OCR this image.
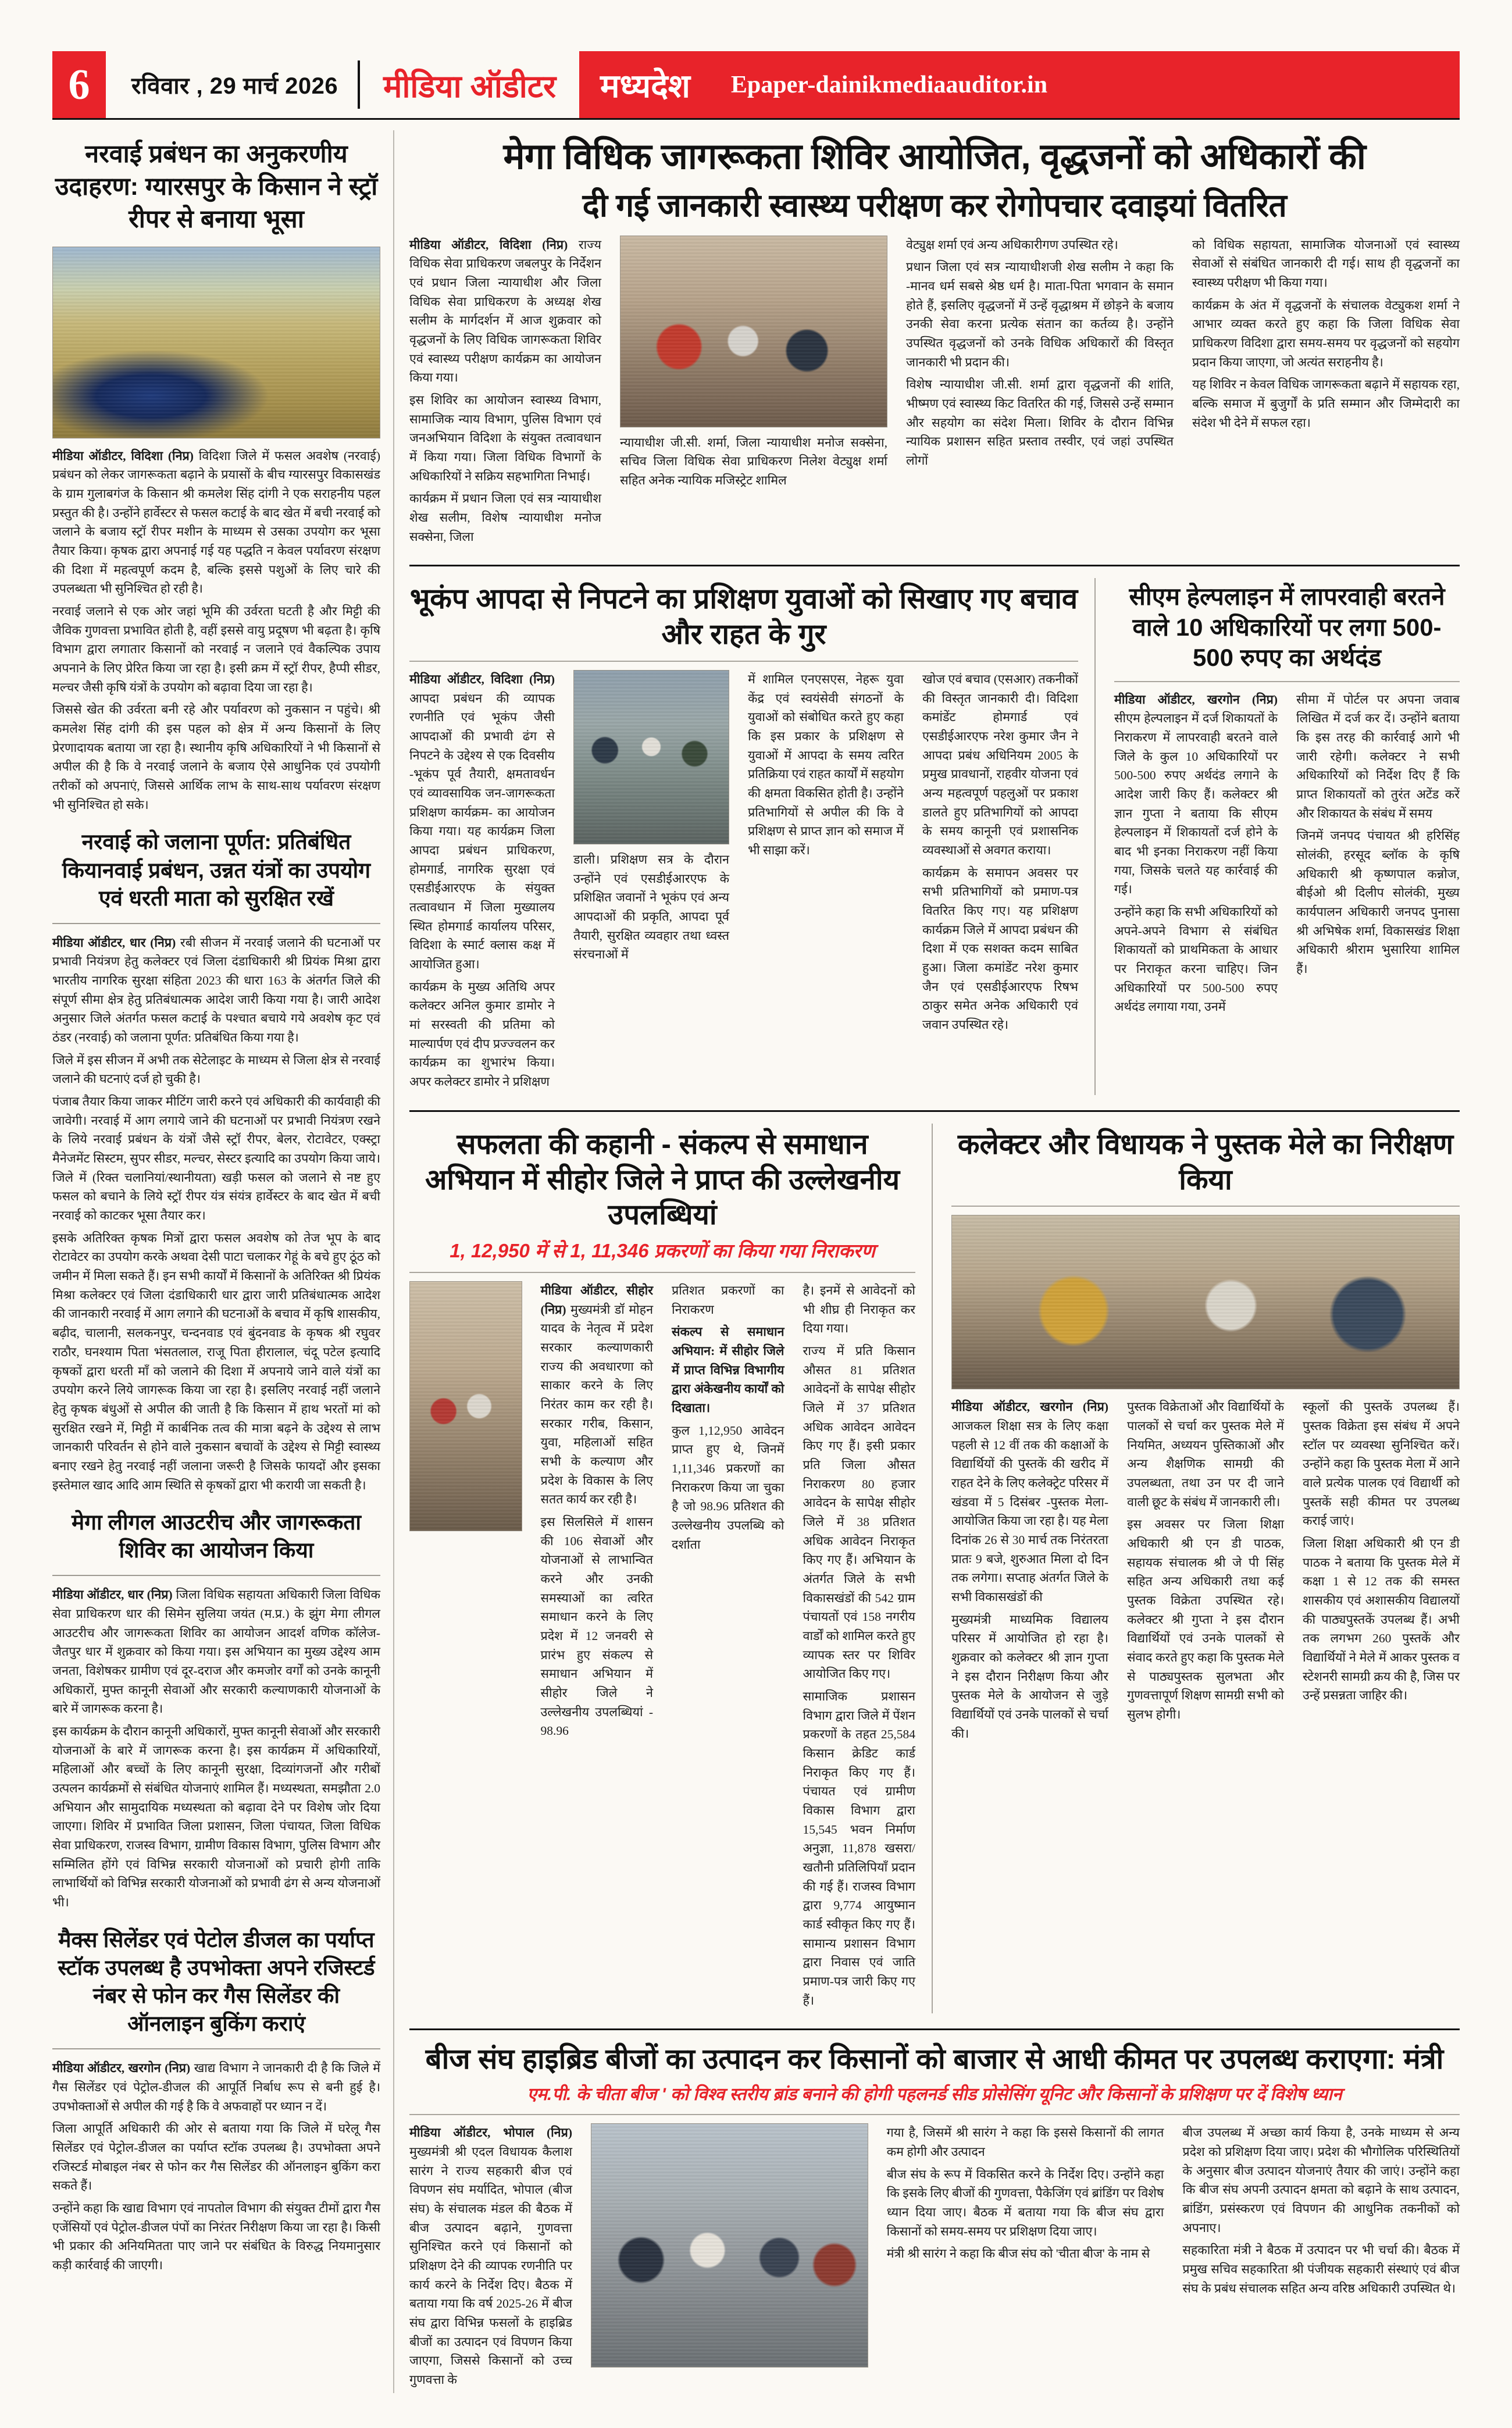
6	रविवार , 29 मार्च 2026	मीडिया ऑडीटर	मध्यदेश Epaper-dainikmediaauditor.in
नरवाई प्रबंधन का अनुकरणीय उदाहरण: ग्यारसपुर के किसान ने स्ट्रॉ रीपर से बनाया भूसा

मीडिया ऑडीटर, विदिशा (निप्र) विदिशा जिले में फसल अवशेष (नरवाई) प्रबंधन को लेकर जागरूकता बढ़ाने के प्रयासों के बीच ग्यारसपुर विकासखंड के ग्राम गुलाबगंज के किसान श्री कमलेश सिंह दांगी ने एक सराहनीय पहल प्रस्तुत की है। उन्होंने हार्वेस्टर से फसल कटाई के बाद खेत में बची नरवाई को जलाने के बजाय स्ट्रॉ रीपर मशीन के माध्यम से उसका उपयोग कर भूसा तैयार किया। कृषक द्वारा अपनाई गई यह पद्धति न केवल पर्यावरण संरक्षण की दिशा में महत्वपूर्ण कदम है, बल्कि इससे पशुओं के लिए चारे की उपलब्धता भी सुनिश्चित हो रही है।

नरवाई जलाने से एक ओर जहां भूमि की उर्वरता घटती है और मिट्टी की जैविक गुणवत्ता प्रभावित होती है, वहीं इससे वायु प्रदूषण भी बढ़ता है। कृषि विभाग द्वारा लगातार किसानों को नरवाई न जलाने एवं वैकल्पिक उपाय अपनाने के लिए प्रेरित किया जा रहा है। इसी क्रम में स्ट्रॉ रीपर, हैप्पी सीडर, मल्चर जैसी कृषि यंत्रों के उपयोग को बढ़ावा दिया जा रहा है।

जिससे खेत की उर्वरता बनी रहे और पर्यावरण को नुकसान न पहुंचे। श्री कमलेश सिंह दांगी की इस पहल को क्षेत्र में अन्य किसानों के लिए प्रेरणादायक बताया जा रहा है। स्थानीय कृषि अधिकारियों ने भी किसानों से अपील की है कि वे नरवाई जलाने के बजाय ऐसे आधुनिक एवं उपयोगी तरीकों को अपनाएं, जिससे आर्थिक लाभ के साथ-साथ पर्यावरण संरक्षण भी सुनिश्चित हो सके।

नरवाई को जलाना पूर्णत: प्रतिबंधित कियानवाई प्रबंधन, उन्नत यंत्रों का उपयोग एवं धरती माता को सुरक्षित रखें

मीडिया ऑडीटर, धार (निप्र) रबी सीजन में नरवाई जलाने की घटनाओं पर प्रभावी नियंत्रण हेतु कलेक्टर एवं जिला दंडाधिकारी श्री प्रियंक मिश्रा द्वारा भारतीय नागरिक सुरक्षा संहिता 2023 की धारा 163 के अंतर्गत जिले की संपूर्ण सीमा क्षेत्र हेतु प्रतिबंधात्मक आदेश जारी किया गया है। जारी आदेश अनुसार जिले अंतर्गत फसल कटाई के पश्चात बचाये गये अवशेष कृट एवं ठंडर (नरवाई) को जलाना पूर्णत: प्रतिबंधित किया गया है।

जिले में इस सीजन में अभी तक सेटेलाइट के माध्यम से जिला क्षेत्र से नरवाई जलाने की घटनाएं दर्ज हो चुकी है।

पंजाब तैयार किया जाकर मीटिंग जारी करने एवं अधिकारी की कार्यवाही की जावेगी। नरवाई में आग लगाये जाने की घटनाओं पर प्रभावी नियंत्रण रखने के लिये नरवाई प्रबंधन के यंत्रों जैसे स्ट्रॉ रीपर, बेलर, रोटावेटर, एक्स्ट्रा मैनेजमेंट सिस्टम, सुपर सीडर, मल्चर, सेस्टर इत्यादि का उपयोग किया जाये। जिले में (रिक्त चलानियां/स्थानीयता) खड़ी फसल को जलाने से नष्ट हुए फसल को बचाने के लिये स्ट्रॉ रीपर यंत्र संयंत्र हार्वेस्टर के बाद खेत में बची नरवाई को काटकर भूसा तैयार कर।

इसके अतिरिक्त कृषक मित्रों द्वारा फसल अवशेष को तेज भूप के बाद रोटावेटर का उपयोग करके अथवा देसी पाटा चलाकर गेहूं के बचे हुए ठूंठ को जमीन में मिला सकते हैं। इन सभी कार्यों में किसानों के अतिरिक्त श्री प्रियंक मिश्रा कलेक्टर एवं जिला दंडाधिकारी धार द्वारा जारी प्रतिबंधात्मक आदेश की जानकारी नरवाई में आग लगाने की घटनाओं के बचाव में कृषि शासकीय, बढ़ीद, चालानी, सलकनपुर, चन्दनवाड एवं बुंदनवाड के कृषक श्री रघुवर राठौर, घनश्याम पिता भंसतलाल, राजू पिता हीरालाल, चंदू पटेल इत्यादि कृषकों द्वारा धरती माँ को जलाने की दिशा में अपनाये जाने वाले यंत्रों का उपयोग करने लिये जागरूक किया जा रहा है। इसलिए नरवाई नहीं जलाने हेतु कृषक बंधुओं से अपील की जाती है कि किसान में हाथ भरतों मां को सुरक्षित रखने में, मिट्टी में कार्बनिक तत्व की मात्रा बढ़ने के उद्देश्य से लाभ जानकारी परिवर्तन से होने वाले नुकसान बचावों के उद्देश्य से मिट्टी स्वास्थ्य बनाए रखने हेतु नरवाई नहीं जलाना जरूरी है जिसके फायदों और इसका इस्तेमाल खाद आदि आम स्थिति से कृषकों द्वारा भी करायी जा सकती है।

मेगा लीगल आउटरीच और जागरूकता शिविर का आयोजन किया

मीडिया ऑडीटर, धार (निप्र) जिला विधिक सहायता अधिकारी जिला विधिक सेवा प्राधिकरण धार की सिमेन सुलिया जयंत (म.प्र.) के झुंग मेगा लीगल आउटरीच और जागरूकता शिविर का आयोजन आदर्श वणिक कॉलेज-जैतपुर धार में शुक्रवार को किया गया। इस अभियान का मुख्य उद्देश्य आम जनता, विशेषकर ग्रामीण एवं दूर-दराज और कमजोर वर्गों को उनके कानूनी अधिकारों, मुफ्त कानूनी सेवाओं और सरकारी कल्याणकारी योजनाओं के बारे में जागरूक करना है।

इस कार्यक्रम के दौरान कानूनी अधिकारों, मुफ्त कानूनी सेवाओं और सरकारी योजनाओं के बारे में जागरूक करना है। इस कार्यक्रम में अधिकारियों, महिलाओं और बच्चों के लिए कानूनी सुरक्षा, दिव्यांगजनों और गरीबों उत्पलन कार्यक्रमों से संबंधित योजनाएं शामिल हैं। मध्यस्थता, समझौता 2.0 अभियान और सामुदायिक मध्यस्थता को बढ़ावा देने पर विशेष जोर दिया जाएगा। शिविर में प्रभावित जिला प्रशासन, जिला पंचायत, जिला विधिक सेवा प्राधिकरण, राजस्व विभाग, ग्रामीण विकास विभाग, पुलिस विभाग और सम्मिलित होंगे एवं विभिन्न सरकारी योजनाओं को प्रचारी होगी ताकि लाभार्थियों को विभिन्न सरकारी योजनाओं को प्रभावी ढंग से अन्य योजनाओं भी।

मैक्स सिलेंडर एवं पेटोल डीजल का पर्याप्त स्टॉक उपलब्ध है उपभोक्ता अपने रजिस्टर्ड नंबर से फोन कर गैस सिलेंडर की ऑनलाइन बुकिंग कराएं

मीडिया ऑडीटर, खरगोन (निप्र) खाद्य विभाग ने जानकारी दी है कि जिले में गैस सिलेंडर एवं पेट्रोल-डीजल की आपूर्ति निर्बाध रूप से बनी हुई है। उपभोक्ताओं से अपील की गई है कि वे अफवाहों पर ध्यान न दें।

जिला आपूर्ति अधिकारी की ओर से बताया गया कि जिले में घरेलू गैस सिलेंडर एवं पेट्रोल-डीजल का पर्याप्त स्टॉक उपलब्ध है। उपभोक्ता अपने रजिस्टर्ड मोबाइल नंबर से फोन कर गैस सिलेंडर की ऑनलाइन बुकिंग करा सकते हैं।

उन्होंने कहा कि खाद्य विभाग एवं नापतोल विभाग की संयुक्त टीमों द्वारा गैस एजेंसियों एवं पेट्रोल-डीजल पंपों का निरंतर निरीक्षण किया जा रहा है। किसी भी प्रकार की अनियमितता पाए जाने पर संबंधित के विरुद्ध नियमानुसार कड़ी कार्रवाई की जाएगी।

मेगा विधिक जागरूकता शिविर आयोजित, वृद्धजनों को अधिकारों की
दी गई जानकारी स्वास्थ्य परीक्षण कर रोगोपचार दवाइयां वितरित

मीडिया ऑडीटर, विदिशा (निप्र) राज्य विधिक सेवा प्राधिकरण जबलपुर के निर्देशन एवं प्रधान जिला न्यायाधीश और जिला विधिक सेवा प्राधिकरण के अध्यक्ष शेख सलीम के मार्गदर्शन में आज शुक्रवार को वृद्धजनों के लिए विधिक जागरूकता शिविर एवं स्वास्थ्य परीक्षण कार्यक्रम का आयोजन किया गया।

इस शिविर का आयोजन स्वास्थ्य विभाग, सामाजिक न्याय विभाग, पुलिस विभाग एवं जनअभियान विदिशा के संयुक्त तत्वावधान में किया गया। जिला विधिक विभागों के अधिकारियों ने सक्रिय सहभागिता निभाई।

कार्यक्रम में प्रधान जिला एवं सत्र न्यायाधीश शेख सलीम, विशेष न्यायाधीश मनोज सक्सेना, जिला

न्यायाधीश जी.सी. शर्मा, जिला न्यायाधीश मनोज सक्सेना, सचिव जिला विधिक सेवा प्राधिकरण निलेश वेट्युक्ष शर्मा सहित अनेक न्यायिक मजिस्ट्रेट शामिल

वेट्युक्ष शर्मा एवं अन्य अधिकारीगण उपस्थित रहे।

प्रधान जिला एवं सत्र न्यायाधीशजी शेख सलीम ने कहा कि -मानव धर्म सबसे श्रेष्ठ धर्म है। माता-पिता भगवान के समान होते हैं, इसलिए वृद्धजनों में उन्हें वृद्धाश्रम में छोड़ने के बजाय उनकी सेवा करना प्रत्येक संतान का कर्तव्य है। उन्होंने उपस्थित वृद्धजनों को उनके विधिक अधिकारों की विस्तृत जानकारी भी प्रदान की।

विशेष न्यायाधीश जी.सी. शर्मा द्वारा वृद्धजनों की शांति, भीष्मण एवं स्वास्थ्य किट वितरित की गई, जिससे उन्हें सम्मान और सहयोग का संदेश मिला। शिविर के दौरान विभिन्न न्यायिक प्रशासन सहित प्रस्ताव तस्वीर, एवं जहां उपस्थित लोगों

को विधिक सहायता, सामाजिक योजनाओं एवं स्वास्थ्य सेवाओं से संबंधित जानकारी दी गई। साथ ही वृद्धजनों का स्वास्थ्य परीक्षण भी किया गया।

कार्यक्रम के अंत में वृद्धजनों के संचालक वेट्युकश शर्मा ने आभार व्यक्त करते हुए कहा कि जिला विधिक सेवा प्राधिकरण विदिशा द्वारा समय-समय पर वृद्धजनों को सहयोग प्रदान किया जाएगा, जो अत्यंत सराहनीय है।

यह शिविर न केवल विधिक जागरूकता बढ़ाने में सहायक रहा, बल्कि समाज में बुजुर्गों के प्रति सम्मान और जिम्मेदारी का संदेश भी देने में सफल रहा।

भूकंप आपदा से निपटने का प्रशिक्षण युवाओं को सिखाए गए बचाव और राहत के गुर

मीडिया ऑडीटर, विदिशा (निप्र) आपदा प्रबंधन की व्यापक रणनीति एवं भूकंप जैसी आपदाओं की प्रभावी ढंग से निपटने के उद्देश्य से एक दिवसीय -भूकंप पूर्व तैयारी, क्षमतावर्धन एवं व्यावसायिक जन-जागरूकता प्रशिक्षण कार्यक्रम- का आयोजन किया गया। यह कार्यक्रम जिला आपदा प्रबंधन प्राधिकरण, होमगार्ड, नागरिक सुरक्षा एवं एसडीईआरएफ के संयुक्त तत्वावधान में जिला मुख्यालय स्थित होमगार्ड कार्यालय परिसर, विदिशा के स्मार्ट क्लास कक्ष में आयोजित हुआ।

कार्यक्रम के मुख्य अतिथि अपर कलेक्टर अनिल कुमार डामोर ने मां सरस्वती की प्रतिमा को माल्यार्पण एवं दीप प्रज्ज्वलन कर कार्यक्रम का शुभारंभ किया। अपर कलेक्टर डामोर ने प्रशिक्षण

डाली। प्रशिक्षण सत्र के दौरान उन्होंने एवं एसडीईआरएफ के प्रशिक्षित जवानों ने भूकंप एवं अन्य आपदाओं की प्रकृति, आपदा पूर्व तैयारी, सुरक्षित व्यवहार तथा ध्वस्त संरचनाओं में

में शामिल एनएसएस, नेहरू युवा केंद्र एवं स्वयंसेवी संगठनों के युवाओं को संबोधित करते हुए कहा कि इस प्रकार के प्रशिक्षण से युवाओं में आपदा के समय त्वरित प्रतिक्रिया एवं राहत कार्यों में सहयोग की क्षमता विकसित होती है। उन्होंने प्रतिभागियों से अपील की कि वे प्रशिक्षण से प्राप्त ज्ञान को समाज में भी साझा करें।

खोज एवं बचाव (एसआर) तकनीकों की विस्तृत जानकारी दी। विदिशा कमांडेंट होमगार्ड एवं एसडीईआरएफ नरेश कुमार जैन ने आपदा प्रबंध अधिनियम 2005 के प्रमुख प्रावधानों, राहवीर योजना एवं अन्य महत्वपूर्ण पहलुओं पर प्रकाश डालते हुए प्रतिभागियों को आपदा के समय कानूनी एवं प्रशासनिक व्यवस्थाओं से अवगत कराया।

कार्यक्रम के समापन अवसर पर सभी प्रतिभागियों को प्रमाण-पत्र वितरित किए गए। यह प्रशिक्षण कार्यक्रम जिले में आपदा प्रबंधन की दिशा में एक सशक्त कदम साबित हुआ। जिला कमांडेंट नरेश कुमार जैन एवं एसडीईआरएफ रिषभ ठाकुर समेत अनेक अधिकारी एवं जवान उपस्थित रहे।

सीएम हेल्पलाइन में लापरवाही बरतने वाले 10 अधिकारियों पर लगा 500-500 रुपए का अर्थदंड

मीडिया ऑडीटर, खरगोन (निप्र) सीएम हेल्पलाइन में दर्ज शिकायतों के निराकरण में लापरवाही बरतने वाले जिले के कुल 10 अधिकारियों पर 500-500 रुपए अर्थदंड लगाने के आदेश जारी किए हैं। कलेक्टर श्री ज्ञान गुप्ता ने बताया कि सीएम हेल्पलाइन में शिकायतों दर्ज होने के बाद भी इनका निराकरण नहीं किया गया, जिसके चलते यह कार्रवाई की गई।

उन्होंने कहा कि सभी अधिकारियों को अपने-अपने विभाग से संबंधित शिकायतों को प्राथमिकता के आधार पर निराकृत करना चाहिए। जिन अधिकारियों पर 500-500 रुपए अर्थदंड लगाया गया, उनमें

सीमा में पोर्टल पर अपना जवाब लिखित में दर्ज कर दें। उन्होंने बताया कि इस तरह की कार्रवाई आगे भी जारी रहेगी। कलेक्टर ने सभी अधिकारियों को निर्देश दिए हैं कि प्राप्त शिकायतों को तुरंत अटेंड करें और शिकायत के संबंध में समय

जिनमें जनपद पंचायत श्री हरिसिंह सोलंकी, हरसूद ब्लॉक के कृषि अधिकारी श्री कृष्णपाल कन्नोज, बीईओ श्री दिलीप सोलंकी, मुख्य कार्यपालन अधिकारी जनपद पुनासा श्री अभिषेक शर्मा, विकासखंड शिक्षा अधिकारी श्रीराम भुसारिया शामिल हैं।

सफलता की कहानी - संकल्प से समाधान अभियान में सीहोर जिले ने प्राप्त की उल्लेखनीय उपलब्धियां
1, 12,950 में से 1, 11,346 प्रकरणों का किया गया निराकरण

मीडिया ऑडीटर, सीहोर (निप्र) मुख्यमंत्री डॉ मोहन यादव के नेतृत्व में प्रदेश सरकार कल्याणकारी राज्य की अवधारणा को साकार करने के लिए निरंतर काम कर रही है। सरकार गरीब, किसान, युवा, महिलाओं सहित सभी के कल्याण और प्रदेश के विकास के लिए सतत कार्य कर रही है।

इस सिलसिले में शासन की 106 सेवाओं और योजनाओं से लाभान्वित करने और उनकी समस्याओं का त्वरित समाधान करने के लिए प्रदेश में 12 जनवरी से प्रारंभ हुए संकल्प से समाधान अभियान में सीहोर जिले ने उल्लेखनीय उपलब्धियां - 98.96

प्रतिशत प्रकरणों का निराकरण

संकल्प से समाधान अभियान: में सीहोर जिले में प्राप्त विभिन्न विभागीय द्वारा अंकेखनीय कार्यों को दिखाता।

कुल 1,12,950 आवेदन प्राप्त हुए थे, जिनमें 1,11,346 प्रकरणों का निराकरण किया जा चुका है जो 98.96 प्रतिशत की उल्लेखनीय उपलब्धि को दर्शाता

है। इनमें से आवेदनों को भी शीघ्र ही निराकृत कर दिया गया।

राज्य में प्रति किसान औसत 81 प्रतिशत आवेदनों के सापेक्ष सीहोर जिले में 37 प्रतिशत अधिक आवेदन आवेदन किए गए हैं। इसी प्रकार प्रति जिला औसत निराकरण 80 हजार आवेदन के सापेक्ष सीहोर जिले में 38 प्रतिशत अधिक आवेदन निराकृत किए गए हैं। अभियान के अंतर्गत जिले के सभी विकासखंडों की 542 ग्राम पंचायतों एवं 158 नगरीय वार्डों को शामिल करते हुए व्यापक स्तर पर शिविर आयोजित किए गए।

सामाजिक प्रशासन विभाग द्वारा जिले में पेंशन प्रकरणों के तहत 25,584 किसान क्रेडिट कार्ड निराकृत किए गए हैं। पंचायत एवं ग्रामीण विकास विभाग द्वारा 15,545 भवन निर्माण अनुज्ञा, 11,878 खसरा/खतौनी प्रतिलिपियाँ प्रदान की गई हैं। राजस्व विभाग द्वारा 9,774 आयुष्मान कार्ड स्वीकृत किए गए हैं। सामान्य प्रशासन विभाग द्वारा निवास एवं जाति प्रमाण-पत्र जारी किए गए हैं।

कलेक्टर और विधायक ने पुस्तक मेले का निरीक्षण किया

मीडिया ऑडीटर, खरगोन (निप्र) आजकल शिक्षा सत्र के लिए कक्षा पहली से 12 वीं तक की कक्षाओं के विद्यार्थियों की पुस्तकें की खरीद में राहत देने के लिए कलेक्ट्रेट परिसर में खंडवा में 5 दिसंबर -पुस्तक मेला- आयोजित किया जा रहा है। यह मेला दिनांक 26 से 30 मार्च तक निरंतरता प्रातः 9 बजे, शुरुआत मिला दो दिन तक लगेगा। सप्ताह अंतर्गत जिले के सभी विकासखंडों की

मुख्यमंत्री माध्यमिक विद्यालय परिसर में आयोजित हो रहा है। शुक्रवार को कलेक्टर श्री ज्ञान गुप्ता ने इस दौरान निरीक्षण किया और पुस्तक मेले के आयोजन से जुड़े विद्यार्थियों एवं उनके पालकों से चर्चा की।

पुस्तक विक्रेताओं और विद्यार्थियों के पालकों से चर्चा कर पुस्तक मेले में नियमित, अध्ययन पुस्तिकाओं और अन्य शैक्षणिक सामग्री की उपलब्धता, तथा उन पर दी जाने वाली छूट के संबंध में जानकारी ली।

इस अवसर पर जिला शिक्षा अधिकारी श्री एन डी पाठक, सहायक संचालक श्री जे पी सिंह सहित अन्य अधिकारी तथा कई पुस्तक विक्रेता उपस्थित रहे। कलेक्टर श्री गुप्ता ने इस दौरान विद्यार्थियों एवं उनके पालकों से संवाद करते हुए कहा कि पुस्तक मेले से पाठ्यपुस्तक सुलभता और गुणवत्तापूर्ण शिक्षण सामग्री सभी को सुलभ होगी।

स्कूलों की पुस्तकें उपलब्ध हैं। पुस्तक विक्रेता इस संबंध में अपने स्टॉल पर व्यवस्था सुनिश्चित करें। उन्होंने कहा कि पुस्तक मेला में आने वाले प्रत्येक पालक एवं विद्यार्थी को पुस्तकें सही कीमत पर उपलब्ध कराई जाएं।

जिला शिक्षा अधिकारी श्री एन डी पाठक ने बताया कि पुस्तक मेले में कक्षा 1 से 12 तक की समस्त शासकीय एवं अशासकीय विद्यालयों की पाठ्यपुस्तकें उपलब्ध हैं। अभी तक लगभग 260 पुस्तकें और विद्यार्थियों ने मेले में आकर पुस्तक व स्टेशनरी सामग्री क्रय की है, जिस पर उन्हें प्रसन्नता जाहिर की।

बीज संघ हाइब्रिड बीजों का उत्पादन कर किसानों को बाजार से आधी कीमत पर उपलब्ध कराएगा: मंत्री
एम.पी. के चीता बीज ' को विश्व स्तरीय ब्रांड बनाने की होगी पहलनर्ड सीड प्रोसेसिंग यूनिट और किसानों के प्रशिक्षण पर दें विशेष ध्यान

मीडिया ऑडीटर, भोपाल (निप्र) मुख्यमंत्री श्री एदल विधायक कैलाश सारंग ने राज्य सहकारी बीज एवं विपणन संघ मर्यादित, भोपाल (बीज संघ) के संचालक मंडल की बैठक में बीज उत्पादन बढ़ाने, गुणवत्ता सुनिश्चित करने एवं किसानों को प्रशिक्षण देने की व्यापक रणनीति पर कार्य करने के निर्देश दिए। बैठक में बताया गया कि वर्ष 2025-26 में बीज संघ द्वारा विभिन्न फसलों के हाइब्रिड बीजों का उत्पादन एवं विपणन किया जाएगा, जिससे किसानों को उच्च गुणवत्ता के

गया है, जिसमें श्री सारंग ने कहा कि इससे किसानों की लागत कम होगी और उत्पादन

बीज संघ के रूप में विकसित करने के निर्देश दिए। उन्होंने कहा कि इसके लिए बीजों की गुणवत्ता, पैकेजिंग एवं ब्रांडिंग पर विशेष ध्यान दिया जाए। बैठक में बताया गया कि बीज संघ द्वारा किसानों को समय-समय पर प्रशिक्षण दिया जाए।

मंत्री श्री सारंग ने कहा कि बीज संघ को 'चीता बीज' के नाम से

बीज उपलब्ध में अच्छा कार्य किया है, उनके माध्यम से अन्य प्रदेश को प्रशिक्षण दिया जाए। प्रदेश की भौगोलिक परिस्थितियों के अनुसार बीज उत्पादन योजनाएं तैयार की जाएं। उन्होंने कहा कि बीज संघ अपनी उत्पादन क्षमता को बढ़ाने के साथ उत्पादन, ब्रांडिंग, प्रसंस्करण एवं विपणन की आधुनिक तकनीकों को अपनाए।

सहकारिता मंत्री ने बैठक में उत्पादन पर भी चर्चा की। बैठक में प्रमुख सचिव सहकारिता श्री पंजीयक सहकारी संस्थाएं एवं बीज संघ के प्रबंध संचालक सहित अन्य वरिष्ठ अधिकारी उपस्थित थे।
